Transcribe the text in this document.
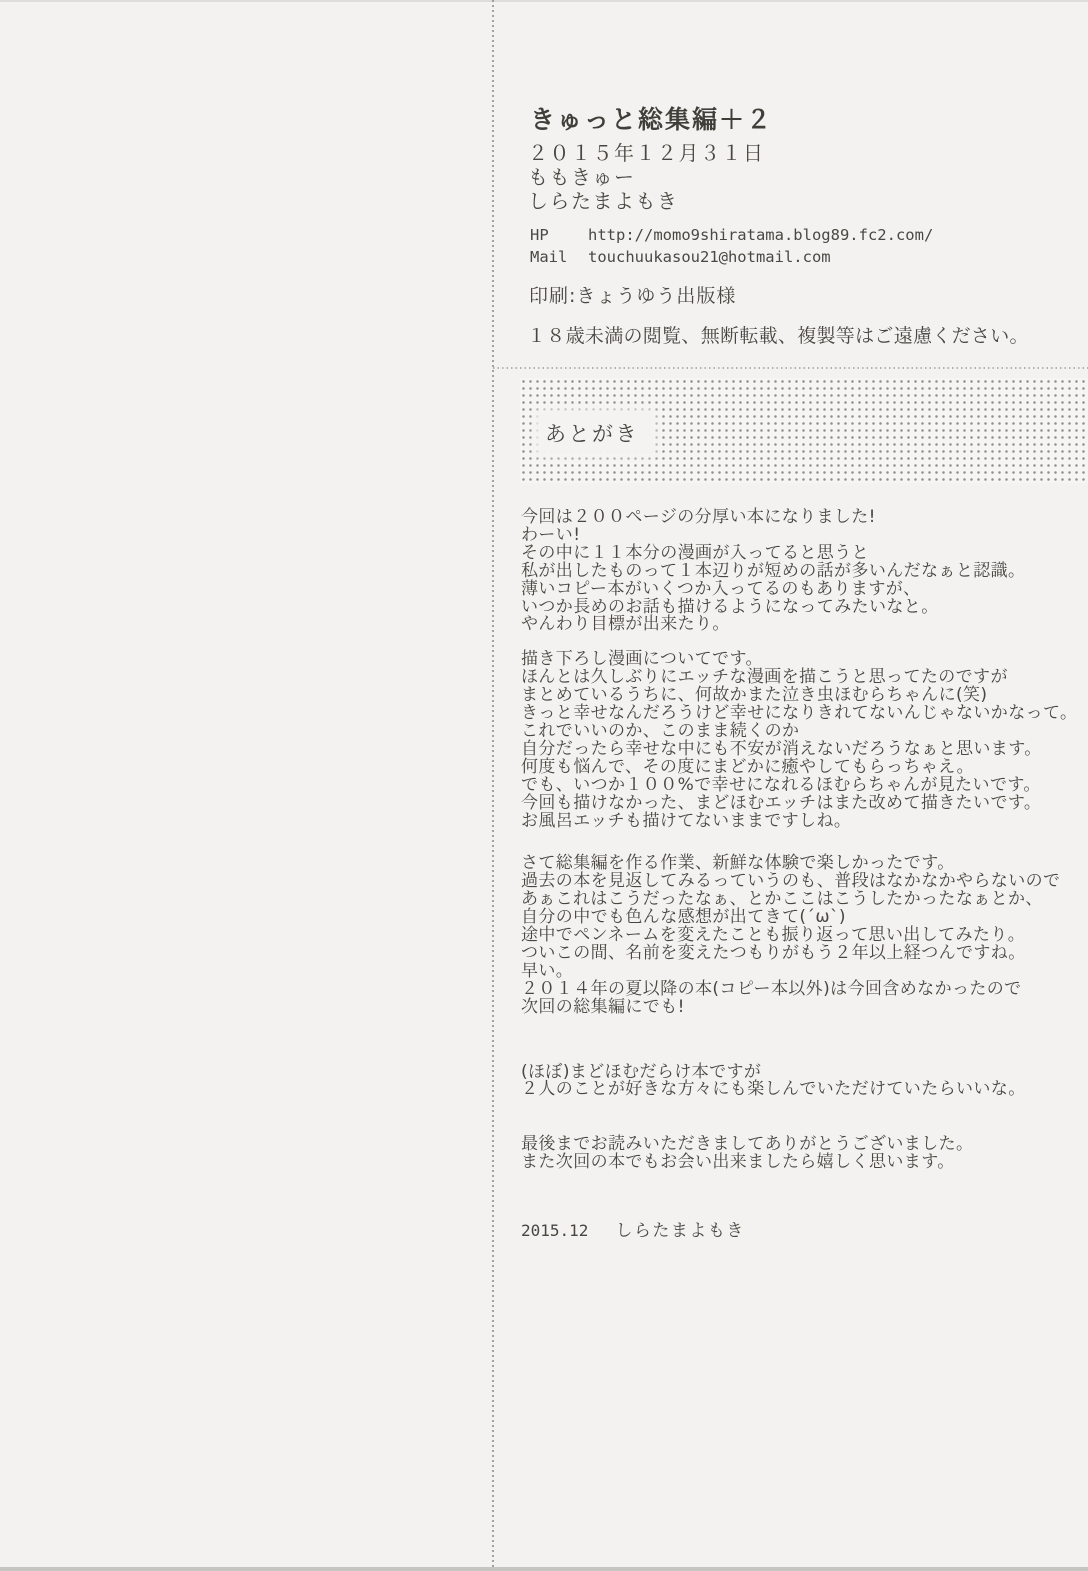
きゅっと総集編＋２
２０１５年１２月３１日
ももきゅー
しらたまよもき
HP	http://momo9shiratama.blog89.fc2.com/
Mail	touchuukasou21@hotmail.com
印刷:きょうゆう出版様
１８歳未満の閲覧、無断転載、複製等はご遠慮ください。
あとがき
今回は２００ページの分厚い本になりました!
わーい!
その中に１１本分の漫画が入ってると思うと
私が出したものって１本辺りが短めの話が多いんだなぁと認識。
薄いコピー本がいくつか入ってるのもありますが、
いつか長めのお話も描けるようになってみたいなと。
やんわり目標が出来たり。
描き下ろし漫画についてです。
ほんとは久しぶりにエッチな漫画を描こうと思ってたのですが
まとめているうちに、何故かまた泣き虫ほむらちゃんに(笑)
きっと幸せなんだろうけど幸せになりきれてないんじゃないかなって。
これでいいのか、このまま続くのか
自分だったら幸せな中にも不安が消えないだろうなぁと思います。
何度も悩んで、その度にまどかに癒やしてもらっちゃえ。
でも、いつか１００%で幸せになれるほむらちゃんが見たいです。
今回も描けなかった、まどほむエッチはまた改めて描きたいです。
お風呂エッチも描けてないままですしね。
さて総集編を作る作業、新鮮な体験で楽しかったです。
過去の本を見返してみるっていうのも、普段はなかなかやらないので
あぁこれはこうだったなぁ、とかここはこうしたかったなぁとか、
自分の中でも色んな感想が出てきて(´ω`)
途中でペンネームを変えたことも振り返って思い出してみたり。
ついこの間、名前を変えたつもりがもう２年以上経つんですね。
早い。
２０１４年の夏以降の本(コピー本以外)は今回含めなかったので
次回の総集編にでも!
(ほぼ)まどほむだらけ本ですが
２人のことが好きな方々にも楽しんでいただけていたらいいな。
最後までお読みいただきましてありがとうございました。
また次回の本でもお会い出来ましたら嬉しく思います。
2015.12 しらたまよもき
